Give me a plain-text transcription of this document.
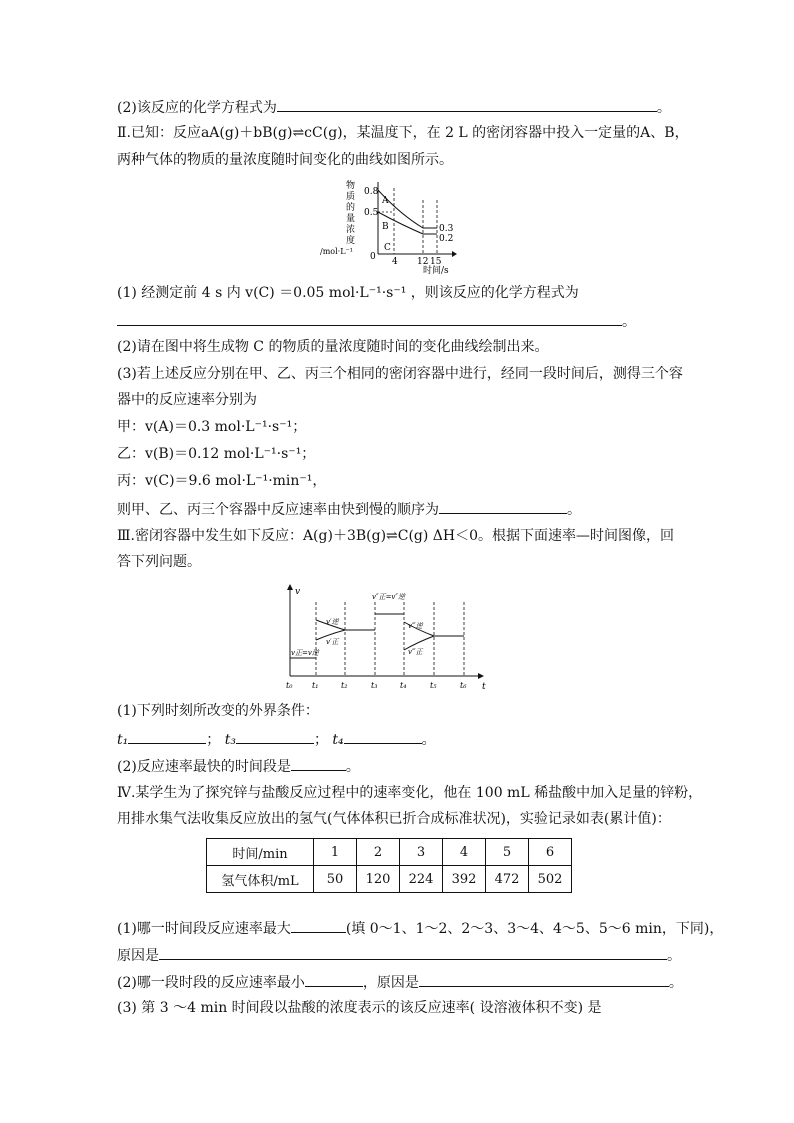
(2)该反应的化学方程式为	。
Ⅱ.已知：反应aA(g)＋bB(g)⇌cC(g)，某温度下，在 2 L 的密闭容器中投入一定量的A、B，
两种气体的物质的量浓度随时间变化的曲线如图所示。
物
质
的
量
浓
度
/mol·L⁻¹
0.8
0.5
0 4 12 15
时间/s
A
B
C
0.3
0.2
(1) 经测定前 4 s 内 v(C) ＝0.05 mol·L⁻¹·s⁻¹ ，则该反应的化学方程式为
。
(2)请在图中将生成物 C 的物质的量浓度随时间的变化曲线绘制出来。
(3)若上述反应分别在甲、乙、丙三个相同的密闭容器中进行，经同一段时间后，测得三个容
器中的反应速率分别为
甲：v(A)＝0.3 mol·L⁻¹·s⁻¹；
乙：v(B)＝0.12 mol·L⁻¹·s⁻¹；
丙：v(C)＝9.6 mol·L⁻¹·min⁻¹，
则甲、乙、丙三个容器中反应速率由快到慢的顺序为	。
Ⅲ.密闭容器中发生如下反应：A(g)＋3B(g)⇌C(g) ΔH＜0。根据下面速率—时间图像，回
答下列问题。
v
t
v正=v逆
v′逆
v′正
v″正=v″逆
v‴逆
v‴正
t₀ t₁	t₂	t₃	t₄	t₅	t₆
(1)下列时刻所改变的外界条件：
t₁	； t₃	； t₄	。
(2)反应速率最快的时间段是	。
Ⅳ.某学生为了探究锌与盐酸反应过程中的速率变化，他在 100 mL 稀盐酸中加入足量的锌粉，
用排水集气法收集反应放出的氢气(气体体积已折合成标准状况)，实验记录如表(累计值)：
时间/min	1	2	3	4	5	6
氢气体积/mL	50	120	224	392	472	502
(1)哪一时间段反应速率最大	(填 0～1、1～2、2～3、3～4、4～5、5～6 min，下同)，
原因是	。
(2)哪一段时段的反应速率最小	，原因是	。
(3) 第 3 ～4 min 时间段以盐酸的浓度表示的该反应速率( 设溶液体积不变) 是
